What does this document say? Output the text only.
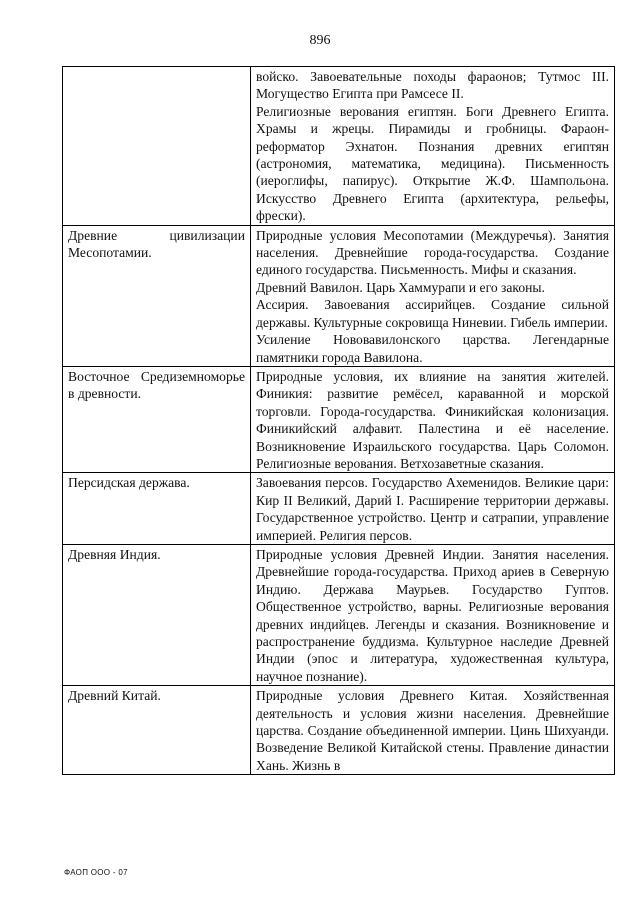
896

	войско. Завоевательные походы фараонов; Тутмос III. Могущество Египта при Рамсесе II.
Религиозные верования египтян. Боги Древнего Египта. Храмы и жрецы. Пирамиды и гробницы. Фараон-реформатор Эхнатон. Познания древних египтян (астрономия, математика, медицина). Письменность (иероглифы, папирус). Открытие Ж.Ф. Шампольона. Искусство Древнего Египта (архитектура, рельефы, фрески).

Древние цивилизации Месопотамии.	Природные условия Месопотамии (Междуречья). Занятия населения. Древнейшие города-государства. Создание единого государства. Письменность. Мифы и сказания.
Древний Вавилон. Царь Хаммурапи и его законы.
Ассирия. Завоевания ассирийцев. Создание сильной державы. Культурные сокровища Ниневии. Гибель империи.
Усиление Нововавилонского царства. Легендарные памятники города Вавилона.

Восточное Средиземноморье в древности.	Природные условия, их влияние на занятия жителей. Финикия: развитие ремёсел, караванной и морской торговли. Города-государства. Финикийская колонизация. Финикийский алфавит. Палестина и её население. Возникновение Израильского государства. Царь Соломон. Религиозные верования. Ветхозаветные сказания.

Персидская держава.	Завоевания персов. Государство Ахеменидов. Великие цари: Кир II Великий, Дарий I. Расширение территории державы. Государственное устройство. Центр и сатрапии, управление империей. Религия персов.

Древняя Индия.	Природные условия Древней Индии. Занятия населения. Древнейшие города-государства. Приход ариев в Северную Индию. Держава Маурьев. Государство Гуптов. Общественное устройство, варны. Религиозные верования древних индийцев. Легенды и сказания. Возникновение и распространение буддизма. Культурное наследие Древней Индии (эпос и литература, художественная культура, научное познание).

Древний Китай.	Природные условия Древнего Китая. Хозяйственная деятельность и условия жизни населения. Древнейшие царства. Создание объединенной империи. Цинь Шихуанди. Возведение Великой Китайской стены. Правление династии Хань. Жизнь в
ФАОП ООО - 07
